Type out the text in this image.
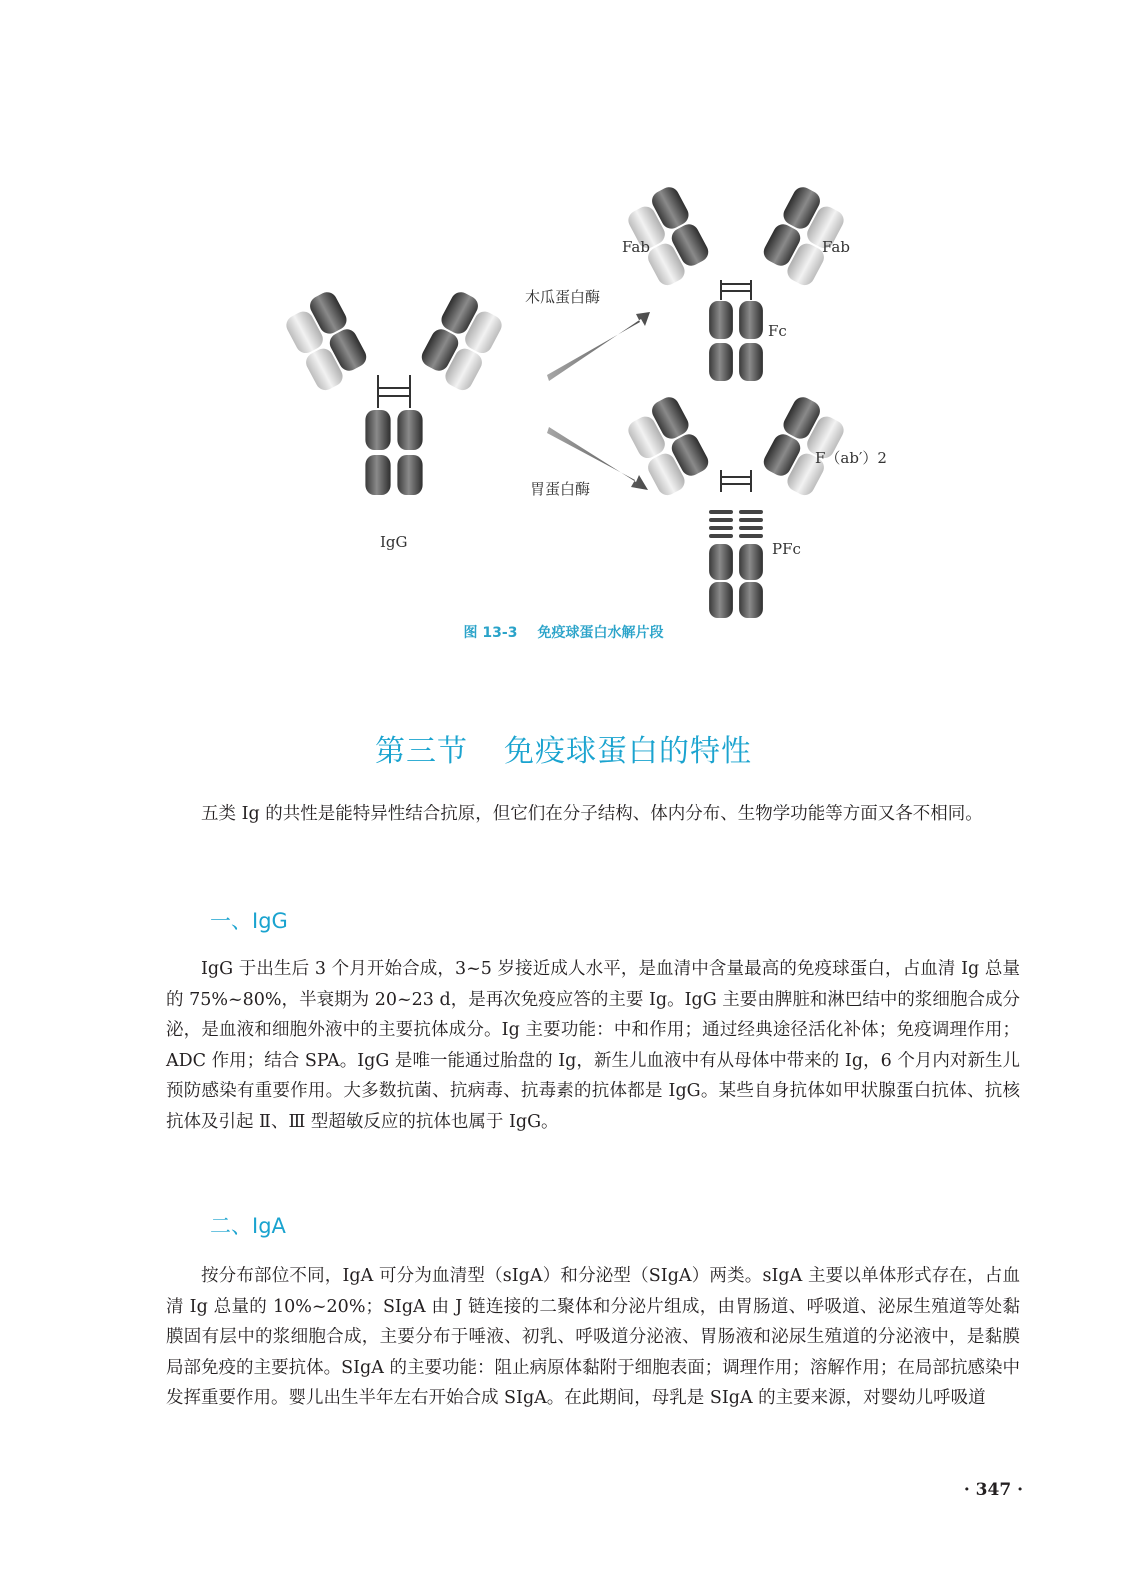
Fab	Fab
木瓜蛋白酶
Fc
胃蛋白酶
F（ab′）2
IgG	PFc
图 13-3 免疫球蛋白水解片段
第三节 免疫球蛋白的特性

五类 Ig 的共性是能特异性结合抗原，但它们在分子结构、体内分布、生物学功能等方面又各不相同。

一、IgG

IgG 于出生后 3 个月开始合成，3~5 岁接近成人水平，是血清中含量最高的免疫球蛋白，占血清 Ig 总量的 75%~80%，半衰期为 20~23 d，是再次免疫应答的主要 Ig。IgG 主要由脾脏和淋巴结中的浆细胞合成分泌，是血液和细胞外液中的主要抗体成分。Ig 主要功能：中和作用；通过经典途径活化补体；免疫调理作用；ADC 作用；结合 SPA。IgG 是唯一能通过胎盘的 Ig，新生儿血液中有从母体中带来的 Ig，6 个月内对新生儿预防感染有重要作用。大多数抗菌、抗病毒、抗毒素的抗体都是 IgG。某些自身抗体如甲状腺蛋白抗体、抗核抗体及引起 Ⅱ、Ⅲ 型超敏反应的抗体也属于 IgG。

二、IgA

按分布部位不同，IgA 可分为血清型（sIgA）和分泌型（SIgA）两类。sIgA 主要以单体形式存在，占血清 Ig 总量的 10%~20%；SIgA 由 J 链连接的二聚体和分泌片组成，由胃肠道、呼吸道、泌尿生殖道等处黏膜固有层中的浆细胞合成，主要分布于唾液、初乳、呼吸道分泌液、胃肠液和泌尿生殖道的分泌液中，是黏膜局部免疫的主要抗体。SIgA 的主要功能：阻止病原体黏附于细胞表面；调理作用；溶解作用；在局部抗感染中发挥重要作用。婴儿出生半年左右开始合成 SIgA。在此期间，母乳是 SIgA 的主要来源，对婴幼儿呼吸道

· 347 ·
